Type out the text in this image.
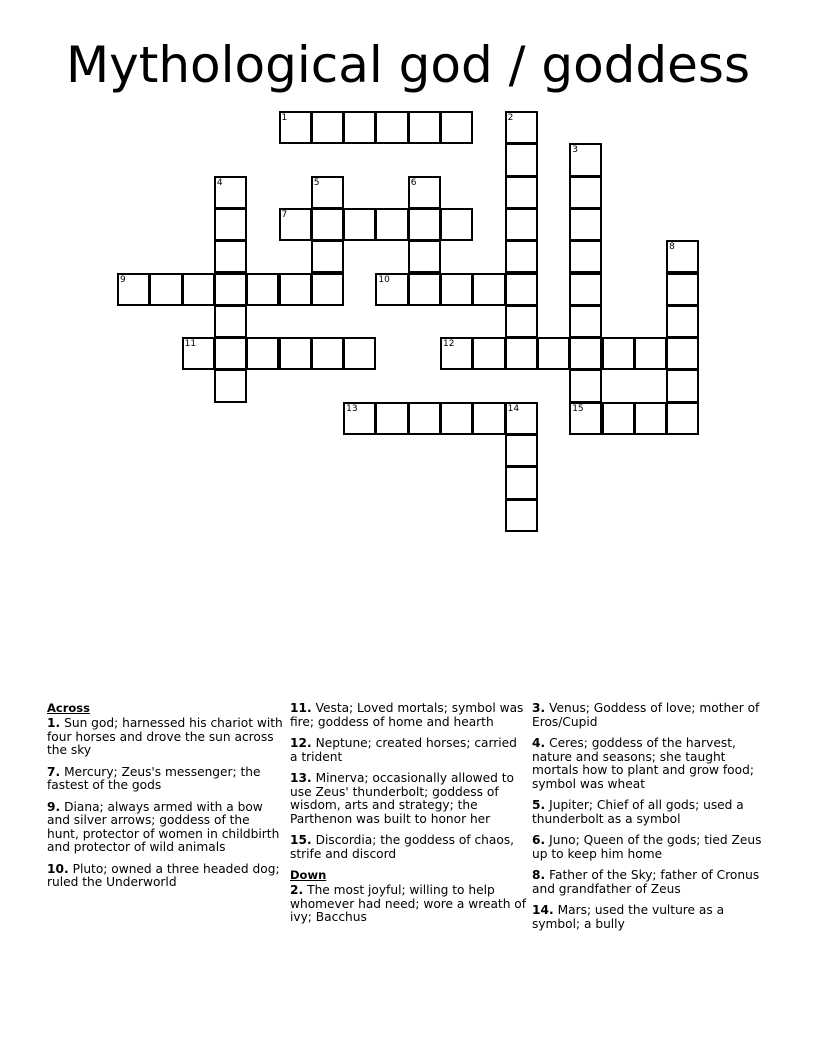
Mythological god / goddess
1	2
3
15
4	5	6
7
8
9	10
11	12
13	14
Across
1. Sun god; harnessed his chariot with four horses and drove the sun across the sky
7. Mercury; Zeus's messenger; the fastest of the gods
9. Diana; always armed with a bow and silver arrows; goddess of the hunt, protector of women in childbirth and protector of wild animals
10. Pluto; owned a three headed dog; ruled the Underworld
11. Vesta; Loved mortals; symbol was fire; goddess of home and hearth
12. Neptune; created horses; carried a trident
13. Minerva; occasionally allowed to use Zeus' thunderbolt; goddess of wisdom, arts and strategy; the Parthenon was built to honor her
15. Discordia; the goddess of chaos, strife and discord
Down
2. The most joyful; willing to help whomever had need; wore a wreath of ivy; Bacchus
3. Venus; Goddess of love; mother of Eros/Cupid
4. Ceres; goddess of the harvest, nature and seasons; she taught mortals how to plant and grow food; symbol was wheat
5. Jupiter; Chief of all gods; used a thunderbolt as a symbol
6. Juno; Queen of the gods; tied Zeus up to keep him home
8. Father of the Sky; father of Cronus and grandfather of Zeus
14. Mars; used the vulture as a symbol; a bully
